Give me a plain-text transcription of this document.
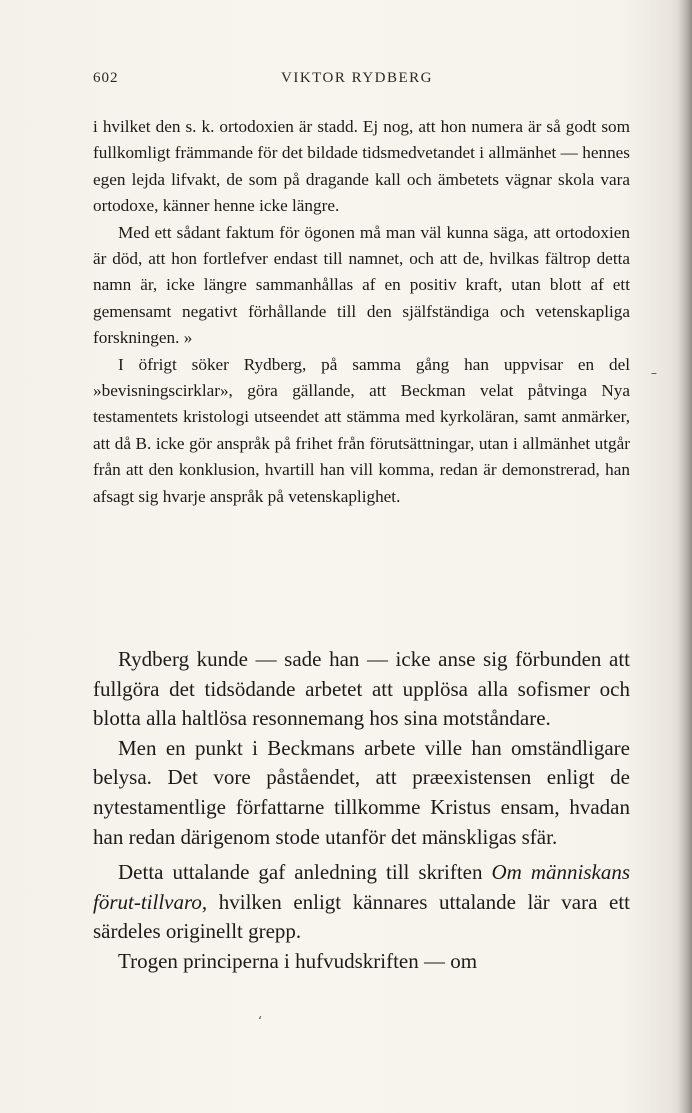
602	VIKTOR RYDBERG

i hvilket den s. k. ortodoxien är stadd. Ej nog, att hon numera är så godt som fullkomligt främmande för det bildade tidsmedvetandet i allmänhet — hennes egen lejda lifvakt, de som på dragande kall och ämbetets vägnar skola vara ortodoxe, känner henne icke längre.

Med ett sådant faktum för ögonen må man väl kunna säga, att ortodoxien är död, att hon fortlefver endast till namnet, och att de, hvilkas fältrop detta namn är, icke längre sammanhållas af en positiv kraft, utan blott af ett gemensamt negativt förhållande till den själfständiga och vetenskapliga forskningen. »

I öfrigt söker Rydberg, på samma gång han uppvisar en del »bevisningscirklar», göra gällande, att Beckman velat påtvinga Nya testamentets kristologi utseendet att stämma med kyrkoläran, samt anmärker, att då B. icke gör anspråk på frihet från förutsättningar, utan i allmänhet utgår från att den konklusion, hvartill han vill komma, redan är demonstrerad, han afsagt sig hvarje anspråk på vetenskaplighet.

Rydberg kunde — sade han — icke anse sig förbunden att fullgöra det tidsödande arbetet att upplösa alla sofismer och blotta alla haltlösa resonnemang hos sina motståndare.

Men en punkt i Beckmans arbete ville han omständligare belysa. Det vore påståendet, att præexistensen enligt de nytestamentlige författarne tillkomme Kristus ensam, hvadan han redan därigenom stode utanför det mänskligas sfär.

Detta uttalande gaf anledning till skriften Om människans förut-tillvaro, hvilken enligt kännares uttalande lär vara ett särdeles originellt grepp.

Trogen principerna i hufvudskriften — om

ʻ
–
